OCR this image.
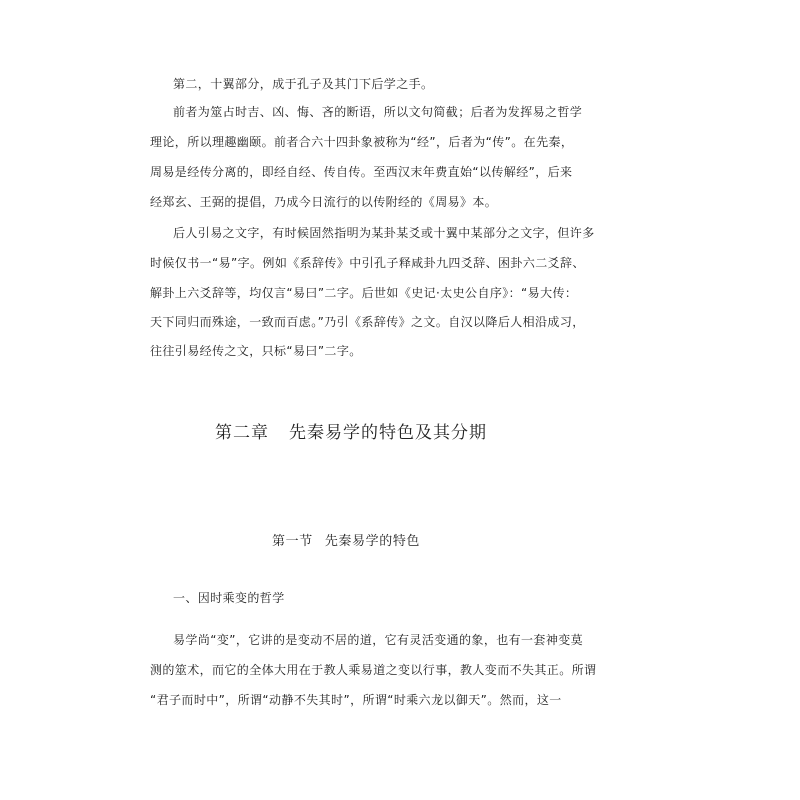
第二，十翼部分，成于孔子及其门下后学之手。
前者为筮占时吉、凶、悔、吝的断语，所以文句简截；后者为发挥易之哲学
理论，所以理趣幽颐。前者合六十四卦象被称为“经”，后者为“传”。在先秦，
周易是经传分离的，即经自经、传自传。至西汉末年费直始“以传解经”，后来
经郑玄、王弼的提倡，乃成今日流行的以传附经的《周易》本。
后人引易之文字，有时候固然指明为某卦某爻或十翼中某部分之文字，但许多
时候仅书一“易”字。例如《系辞传》中引孔子释咸卦九四爻辞、困卦六二爻辞、
解卦上六爻辞等，均仅言“易曰”二字。后世如《史记·太史公自序》：“易大传：
天下同归而殊途，一致而百虑。”乃引《系辞传》之文。自汉以降后人相沿成习，
往往引易经传之文，只标“易曰”二字。
第二章 先秦易学的特色及其分期
第一节 先秦易学的特色
一、因时乘变的哲学
易学尚“变”，它讲的是变动不居的道，它有灵活变通的象，也有一套神变莫
测的筮术，而它的全体大用在于教人乘易道之变以行事，教人变而不失其正。所谓
“君子而时中”，所谓“动静不失其时”，所谓“时乘六龙以御天”。然而，这一
